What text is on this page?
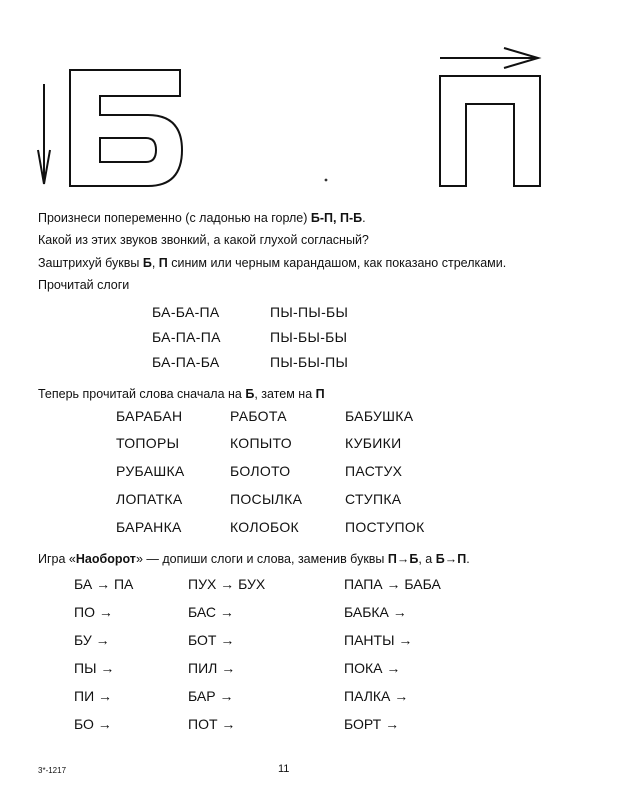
Произнеси попеременно (с ладонью на горле) Б-П, П-Б.
Какой из этих звуков звонкий, а какой глухой согласный?
Заштрихуй буквы Б, П синим или черным карандашом, как показано стрелками.
Прочитай слоги
БА-БА-ПА	ПЫ-ПЫ-БЫ
БА-ПА-ПА	ПЫ-БЫ-БЫ
БА-ПА-БА	ПЫ-БЫ-ПЫ
Теперь прочитай слова сначала на Б, затем на П
БАРАБАН	РАБОТА	БАБУШКА
ТОПОРЫ	КОПЫТО	КУБИКИ
РУБАШКА	БОЛОТО	ПАСТУХ
ЛОПАТКА	ПОСЫЛКА	СТУПКА
БАРАНКА	КОЛОБОК	ПОСТУПОК
Игра «Наоборот» — допиши слоги и слова, заменив буквы П→Б, а Б→П.
БА → ПА	ПУХ → БУХ	ПАПА → БАБА
ПО →	БАС →	БАБКА →
БУ →	БОТ →	ПАНТЫ →
ПЫ →	ПИЛ →	ПОКА →
ПИ →	БАР →	ПАЛКА →
БО →	ПОТ →	БОРТ →
3*-1217	11
